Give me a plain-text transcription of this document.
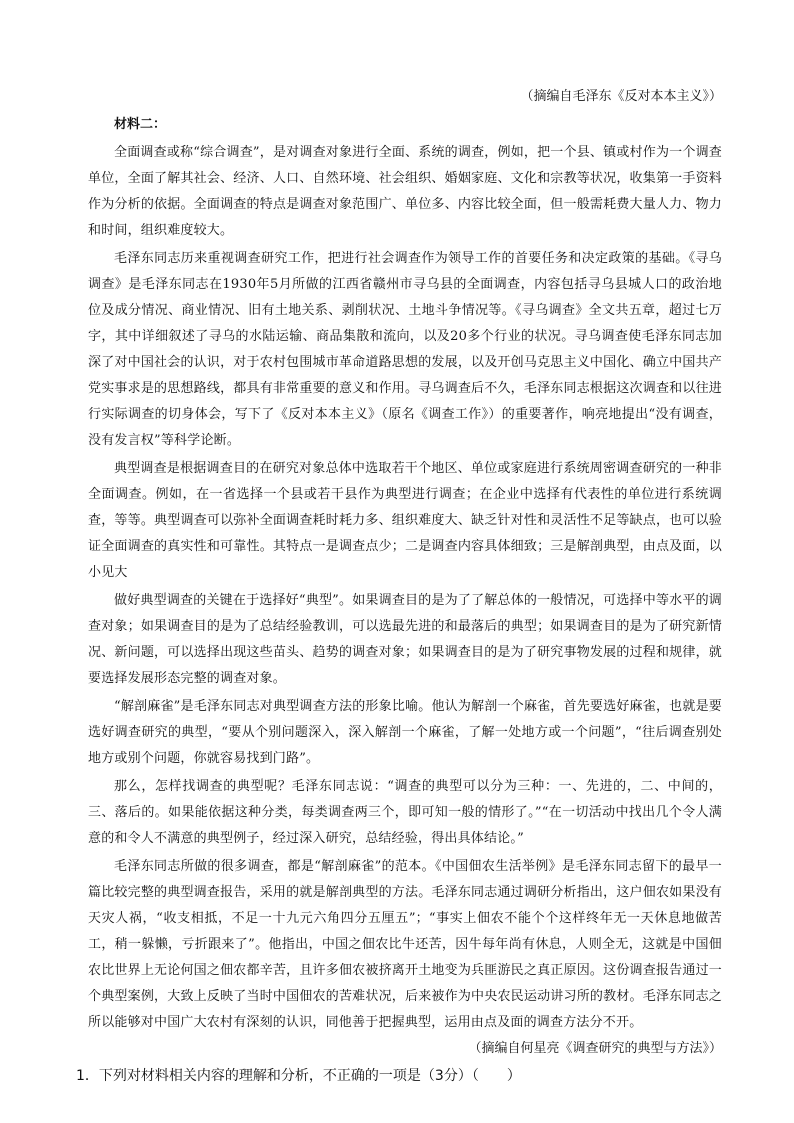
（摘编自毛泽东《反对本本主义》）

材料二：

全面调查或称“综合调查”，是对调查对象进行全面、系统的调查，例如，把一个县、镇或村作为一个调查单位，全面了解其社会、经济、人口、自然环境、社会组织、婚姻家庭、文化和宗教等状况，收集第一手资料作为分析的依据。全面调查的特点是调查对象范围广、单位多、内容比较全面，但一般需耗费大量人力、物力和时间，组织难度较大。

毛泽东同志历来重视调查研究工作，把进行社会调查作为领导工作的首要任务和决定政策的基础。《寻乌调查》是毛泽东同志在1930年5月所做的江西省赣州市寻乌县的全面调查，内容包括寻乌县城人口的政治地位及成分情况、商业情况、旧有土地关系、剥削状况、土地斗争情况等。《寻乌调查》全文共五章，超过七万字，其中详细叙述了寻乌的水陆运输、商品集散和流向，以及20多个行业的状况。寻乌调查使毛泽东同志加深了对中国社会的认识，对于农村包围城市革命道路思想的发展，以及开创马克思主义中国化、确立中国共产党实事求是的思想路线，都具有非常重要的意义和作用。寻乌调查后不久，毛泽东同志根据这次调查和以往进行实际调查的切身体会，写下了《反对本本主义》（原名《调查工作》）的重要著作，响亮地提出“没有调查，没有发言权”等科学论断。

典型调查是根据调查目的在研究对象总体中选取若干个地区、单位或家庭进行系统周密调查研究的一种非全面调查。例如，在一省选择一个县或若干县作为典型进行调查；在企业中选择有代表性的单位进行系统调查，等等。典型调查可以弥补全面调查耗时耗力多、组织难度大、缺乏针对性和灵活性不足等缺点，也可以验证全面调查的真实性和可靠性。其特点一是调查点少；二是调查内容具体细致；三是解剖典型，由点及面，以小见大

做好典型调查的关键在于选择好“典型”。如果调查目的是为了了解总体的一般情况，可选择中等水平的调查对象；如果调查目的是为了总结经验教训，可以选最先进的和最落后的典型；如果调查目的是为了研究新情况、新问题，可以选择出现这些苗头、趋势的调查对象；如果调查目的是为了研究事物发展的过程和规律，就要选择发展形态完整的调查对象。

“解剖麻雀”是毛泽东同志对典型调查方法的形象比喻。他认为解剖一个麻雀，首先要选好麻雀，也就是要选好调查研究的典型，“要从个别问题深入，深入解剖一个麻雀，了解一处地方或一个问题”，“往后调查别处地方或别个问题，你就容易找到门路”。

那么，怎样找调查的典型呢？毛泽东同志说：“调查的典型可以分为三种：一、先进的，二、中间的，三、落后的。如果能依据这种分类，每类调查两三个，即可知一般的情形了。”“在一切活动中找出几个令人满意的和令人不满意的典型例子，经过深入研究，总结经验，得出具体结论。”

毛泽东同志所做的很多调查，都是“解剖麻雀”的范本。《中国佃农生活举例》是毛泽东同志留下的最早一篇比较完整的典型调查报告，采用的就是解剖典型的方法。毛泽东同志通过调研分析指出，这户佃农如果没有天灾人祸，“收支相抵，不足一十九元六角四分五厘五”；“事实上佃农不能个个这样终年无一天休息地做苦工，稍一躲懒，亏折跟来了”。他指出，中国之佃农比牛还苦，因牛每年尚有休息，人则全无，这就是中国佃农比世界上无论何国之佃农都辛苦，且许多佃农被挤离开土地变为兵匪游民之真正原因。这份调查报告通过一个典型案例，大致上反映了当时中国佃农的苦难状况，后来被作为中央农民运动讲习所的教材。毛泽东同志之所以能够对中国广大农村有深刻的认识，同他善于把握典型，运用由点及面的调查方法分不开。

（摘编自何星亮《调查研究的典型与方法》）

1．下列对材料相关内容的理解和分析，不正确的一项是（3分）（　　）
